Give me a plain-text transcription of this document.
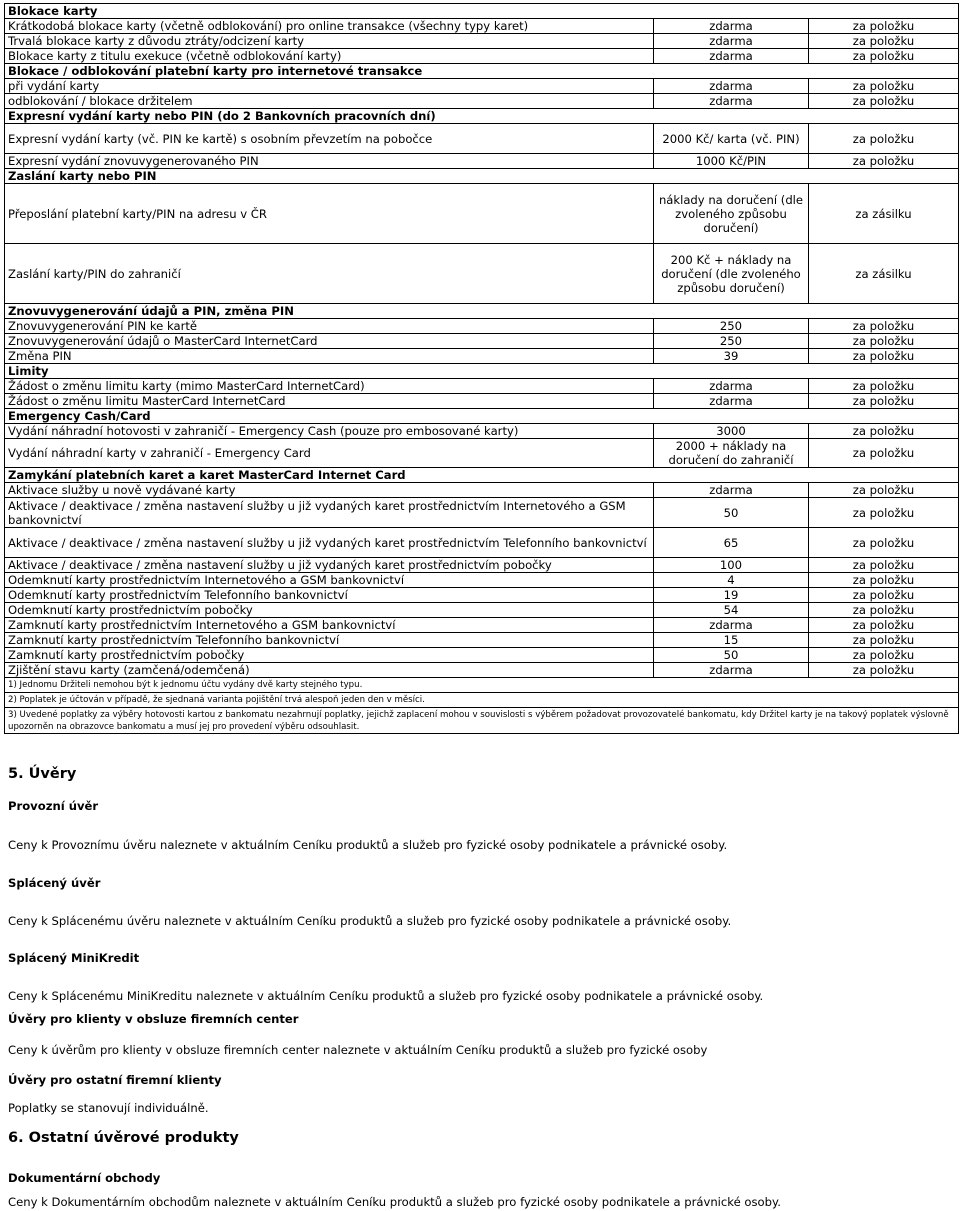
Blokace karty		
Krátkodobá blokace karty (včetně odblokování) pro online transakce (všechny typy karet)	zdarma	za položku
Trvalá blokace karty z důvodu ztráty/odcizení karty	zdarma	za položku
Blokace karty z titulu exekuce (včetně odblokování karty)	zdarma	za položku
Blokace / odblokování platební karty pro internetové transakce		
při vydání karty	zdarma	za položku
odblokování / blokace držitelem	zdarma	za položku
Expresní vydání karty nebo PIN (do 2 Bankovních pracovních dní)		
Expresní vydání karty (vč. PIN ke kartě) s osobním převzetím na pobočce	2000 Kč/ karta (vč. PIN)	za položku
Expresní vydání znovuvygenerovaného PIN	1000 Kč/PIN	za položku
Zaslání karty nebo PIN		
Přeposlání platební karty/PIN na adresu v ČR	náklady na doručení (dle zvoleného způsobu doručení)	za zásilku
Zaslání karty/PIN do zahraničí	200 Kč + náklady na doručení (dle zvoleného způsobu doručení)	za zásilku
Znovuvygenerování údajů a PIN, změna PIN		
Znovuvygenerování PIN ke kartě	250	za položku
Znovuvygenerování údajů o MasterCard InternetCard	250	za položku
Změna PIN	39	za položku
Limity		
Žádost o změnu limitu karty (mimo MasterCard InternetCard)	zdarma	za položku
Žádost o změnu limitu MasterCard InternetCard	zdarma	za položku
Emergency Cash/Card		
Vydání náhradní hotovosti v zahraničí - Emergency Cash (pouze pro embosované karty)	3000	za položku
Vydání náhradní karty v zahraničí - Emergency Card	2000 + náklady na doručení do zahraničí	za položku
Zamykání platebních karet a karet MasterCard Internet Card		
Aktivace služby u nově vydávané karty	zdarma	za položku
Aktivace / deaktivace / změna nastavení služby u již vydaných karet prostřednictvím Internetového a GSM bankovnictví	50	za položku
Aktivace / deaktivace / změna nastavení služby u již vydaných karet prostřednictvím Telefonního bankovnictví	65	za položku
Aktivace / deaktivace / změna nastavení služby u již vydaných karet prostřednictvím pobočky	100	za položku
Odemknutí karty prostřednictvím Internetového a GSM bankovnictví	4	za položku
Odemknutí karty prostřednictvím Telefonního bankovnictví	19	za položku
Odemknutí karty prostřednictvím pobočky	54	za položku
Zamknutí karty prostřednictvím Internetového a GSM bankovnictví	zdarma	za položku
Zamknutí karty prostřednictvím Telefonního bankovnictví	15	za položku
Zamknutí karty prostřednictvím pobočky	50	za položku
Zjištění stavu karty (zamčená/odemčená)	zdarma	za položku
1) Jednomu Držiteli nemohou být k jednomu účtu vydány dvě karty stejného typu.		
2) Poplatek je účtován v případě, že sjednaná varianta pojištění trvá alespoň jeden den v měsíci.		
3) Uvedené poplatky za výběry hotovosti kartou z bankomatu nezahrnují poplatky, jejichž zaplacení mohou v souvislosti s výběrem požadovat provozovatelé bankomatu, kdy Držitel karty je na takový poplatek výslovně upozorněn na obrazovce bankomatu a musí jej pro provedení výběru odsouhlasit.		
5. Úvěry
Provozní úvěr

Ceny k Provoznímu úvěru naleznete v aktuálním Ceníku produktů a služeb pro fyzické osoby podnikatele a právnické osoby.

Splácený úvěr

Ceny k Splácenému úvěru naleznete v aktuálním Ceníku produktů a služeb pro fyzické osoby podnikatele a právnické osoby.

Splácený MiniKredit

Ceny k Splácenému MiniKreditu naleznete v aktuálním Ceníku produktů a služeb pro fyzické osoby podnikatele a právnické osoby.

Úvěry pro klienty v obsluze firemních center

Ceny k úvěrům pro klienty v obsluze firemních center naleznete v aktuálním Ceníku produktů a služeb pro fyzické osoby

Úvěry pro ostatní firemní klienty

Poplatky se stanovují individuálně.

6. Ostatní úvěrové produkty
Dokumentární obchody

Ceny k Dokumentárním obchodům naleznete v aktuálním Ceníku produktů a služeb pro fyzické osoby podnikatele a právnické osoby.
